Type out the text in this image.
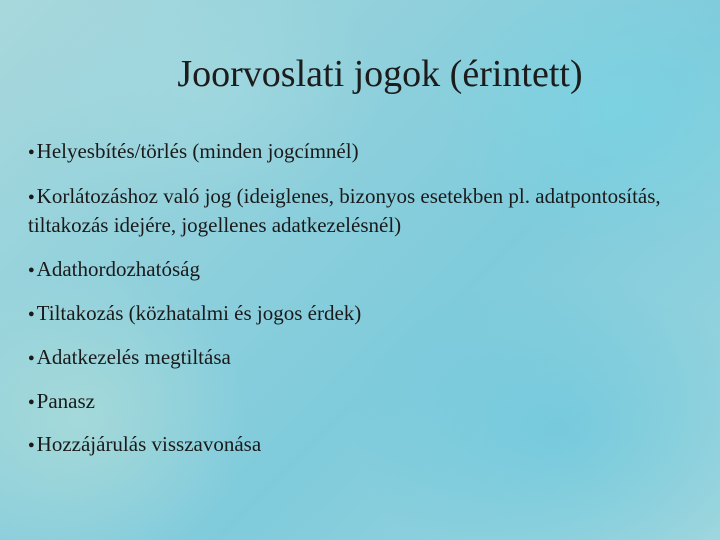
Joorvoslati jogok (érintett)
●Helyesbítés/törlés (minden jogcímnél)
●Korlátozáshoz való jog (ideiglenes, bizonyos esetekben pl. adatpontosítás, tiltakozás idejére, jogellenes adatkezelésnél)
●Adathordozhatóság
●Tiltakozás (közhatalmi és jogos érdek)
●Adatkezelés megtiltása
●Panasz
●Hozzájárulás visszavonása
